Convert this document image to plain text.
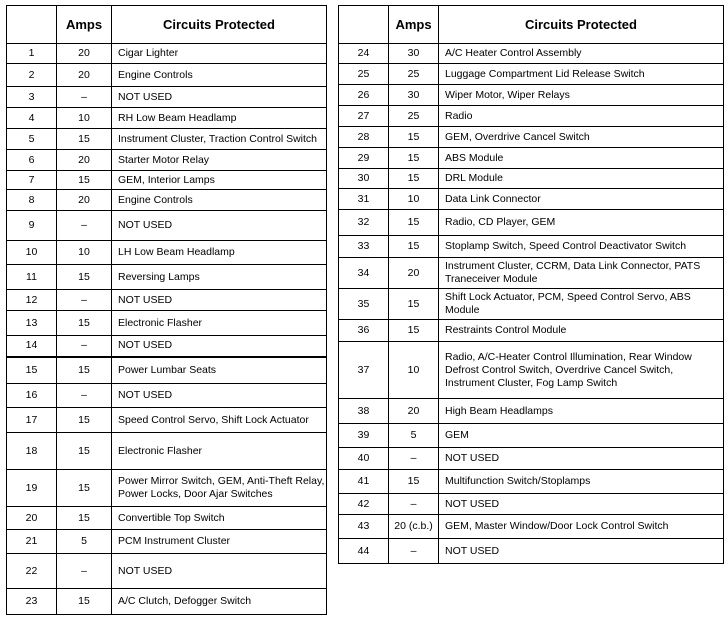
	Amps	Circuits Protected
1	20	Cigar Lighter
2	20	Engine Controls
3	–	NOT USED
4	10	RH Low Beam Headlamp
5	15	Instrument Cluster, Traction Control Switch
6	20	Starter Motor Relay
7	15	GEM, Interior Lamps
8	20	Engine Controls
9	–	NOT USED
10	10	LH Low Beam Headlamp
11	15	Reversing Lamps
12	–	NOT USED
13	15	Electronic Flasher
14	–	NOT USED
15	15	Power Lumbar Seats
16	–	NOT USED
17	15	Speed Control Servo, Shift Lock Actuator
18	15	Electronic Flasher
19	15	Power Mirror Switch, GEM, Anti-Theft Relay, Power Locks, Door Ajar Switches
20	15	Convertible Top Switch
21	5	PCM Instrument Cluster
22	–	NOT USED
23	15	A/C Clutch, Defogger Switch
	Amps	Circuits Protected
24	30	A/C Heater Control Assembly
25	25	Luggage Compartment Lid Release Switch
26	30	Wiper Motor, Wiper Relays
27	25	Radio
28	15	GEM, Overdrive Cancel Switch
29	15	ABS Module
30	15	DRL Module
31	10	Data Link Connector
32	15	Radio, CD Player, GEM
33	15	Stoplamp Switch, Speed Control Deactivator Switch
34	20	Instrument Cluster, CCRM, Data Link Connector, PATS Traneceiver Module
35	15	Shift Lock Actuator, PCM, Speed Control Servo, ABS Module
36	15	Restraints Control Module
37	10	Radio, A/C-Heater Control Illumination, Rear Window Defrost Control Switch, Overdrive Cancel Switch, Instrument Cluster, Fog Lamp Switch
38	20	High Beam Headlamps
39	5	GEM
40	–	NOT USED
41	15	Multifunction Switch/Stoplamps
42	–	NOT USED
43	20 (c.b.)	GEM, Master Window/Door Lock Control Switch
44	–	NOT USED
